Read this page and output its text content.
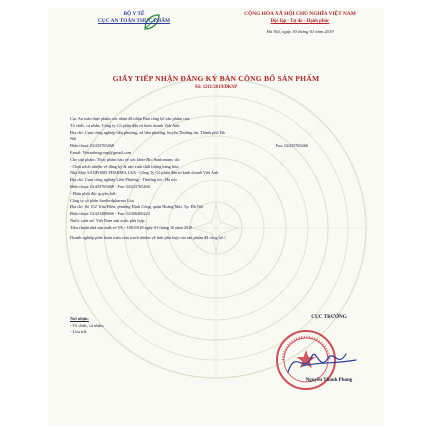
BỘ Y TẾ
CỤC AN TOÀN THỰC PHẨM
CỘNG HÒA XÃ HỘI CHỦ NGHĨA VIỆT NAM
Độc lập - Tự do - Hạnh phúc
Hà Nội, ngày 30 tháng 01 năm 2019
GIẤY TIẾP NHẬN ĐĂNG KÝ BẢN CÔNG BỐ SẢN PHẨM
Số: 1211/2019/ĐKSP
Cục An toàn thực phẩm xác nhận đã nhận Bản công bố sản phẩm của:
Tổ chức, cá nhân: Công ty Cổ phần đầu tư kinh doanh Việt Anh
Địa chỉ: Cụm công nghiệp liên phương, xã liên phương, huyện Thường tín, Thành phố Hà
Nội
Điện thoại: 02433765468	Fax: 02433765466
Email: Vietanhvigroup@gmail.com
Cho sản phẩm: Thực phẩm bảo vệ sức khỏe Bio Sanfomum; do:
- Chịu trách nhiệm về đăng ký & sản xuất chất lượng hàng hóa:
Nhà Máy SANFORD PHARMA USA - Công Ty Cổ phần đầu tư kinh doanh Việt Anh
Địa chỉ: Cụm công nghiệp Liên Phương - Thường tín - Hà nội
Điện thoại: 02433765468 - Fax: 02433765466
- Phân phối độc quyền bởi:
Công ty cổ phần Sanfordpharma Usa
Địa chỉ: Số 102 Trần Điền, phường Định Công, quận Hoàng Mai, Tp. Hà Nội
Điện thoại: 02423488666 - Fax: 02366406222
Nước xuất xứ: Việt Nam sản xuất, phù hợp:
Tiêu chuẩn nhà sản xuất số VA - 19011018 ngày 01 tháng 10 năm 2018.
Doanh nghiệp phải hoàn toàn chịu trách nhiệm về tính phù hợp của sản phẩm đã công bố./.
Nơi nhận:
- Tổ chức, cá nhân;
- Lưu trữ.
CỤC TRƯỞNG
Nguyễn Thanh Phong
